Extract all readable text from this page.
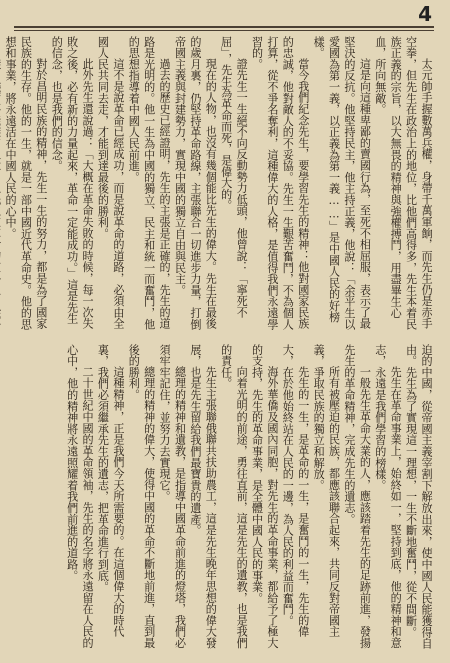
4

太元帥手握數萬兵權，身帶千萬軍餉，而先生仍是赤手空拳，但先生在政治上的地位，比他們高得多，先生本着民族正義的宗旨，以大無畏的精神與強權搏鬥，用盡畢生心血，所向無敵。

這是向這種卑鄙的賣國行為，至死不相屈服，表示了最堅決的反抗。他堅持民主，他主持正義，他說：「余平生以愛國為第一義，以正義為第一義……」是中國人民的好榜樣。

當今我們紀念先生，要學習先生的精神：他對國家民族的忠誠，他對敵人的不妥協。先生一生艱苦奮鬥，不為個人打算，從不爭名奪利，這種偉大的人格，是值得我們永遠學習的。

證先生一生絕不向反動勢力低頭，他曾說：「寧死不屈」，先生為革命而死，是偉大的。

現在的人物，也沒有幾個能比先生的偉大。先生在最後的歲月裏，仍堅持革命路線，主張聯合一切進步力量，打倒帝國主義與封建勢力，實現中國的獨立自由與民主。

過去的歷史已經證明，先生的主張是正確的，先生的道路是光明的。他一生為中國的獨立、民主和統一而奮鬥，他的思想指導着中國人民前進。

這不是說革命已經成功，而是說革命的道路，必須由全國人民共同去走，才能到達最後的勝利。

此外先生還說過：「大概在革命失敗的時候，每一次失敗之後，必有新的力量起來，革命一定能成功。」這是先生的信念，也是我們的信念。

對於昌明民族的精神，先生一生的努力，都是為了國家民族的生存。他的一生，就是一部中國近代革命史。他的思想和事業，將永遠活在中國人民的心中。

迫的中國，從帝國主義宰割下解放出來，使中國人民能獲得自由。先生為了實現這一理想，一生不斷地奮鬥，從不間斷。

先生在革命事業上，始終如一，堅持到底，他的精神和意志，永遠是我們學習的榜樣。

一般先生革命大業的人，應該踏着先生的足跡前進，發揚先生的革命精神，完成先生的遺志。

所有被壓迫的民族，都應該聯合起來，共同反對帝國主義，爭取民族的獨立和解放。

先生的一生，是革命的一生，是奮鬥的一生，先生的偉大，在於他始終站在人民的一邊，為人民的利益而奮鬥。

海外華僑及國內同胞，對先生的革命事業，都給予了極大的支持，先生的革命事業，是全體中國人民的事業。

向着光明的前途，勇往直前，這是先生的遺教，也是我們的責任。

先生主張聯俄聯共扶助農工，這是先生晚年思想的偉大發展，也是先生留給我們最寶貴的遺產。

總理的精神和遺教，是指導中國革命前進的燈塔，我們必須牢牢記住，並努力去實現它。

總理的精神的偉大，使得中國的革命不斷地前進，直到最後的勝利。

這種精神，正是我們今天所需要的。在這個偉大的時代裏，我們必須繼承先生的遺志，把革命進行到底。

二十世紀中國的革命領袖，先生的名字將永遠留在人民的心中，他的精神將永遠照耀着我們前進的道路。
